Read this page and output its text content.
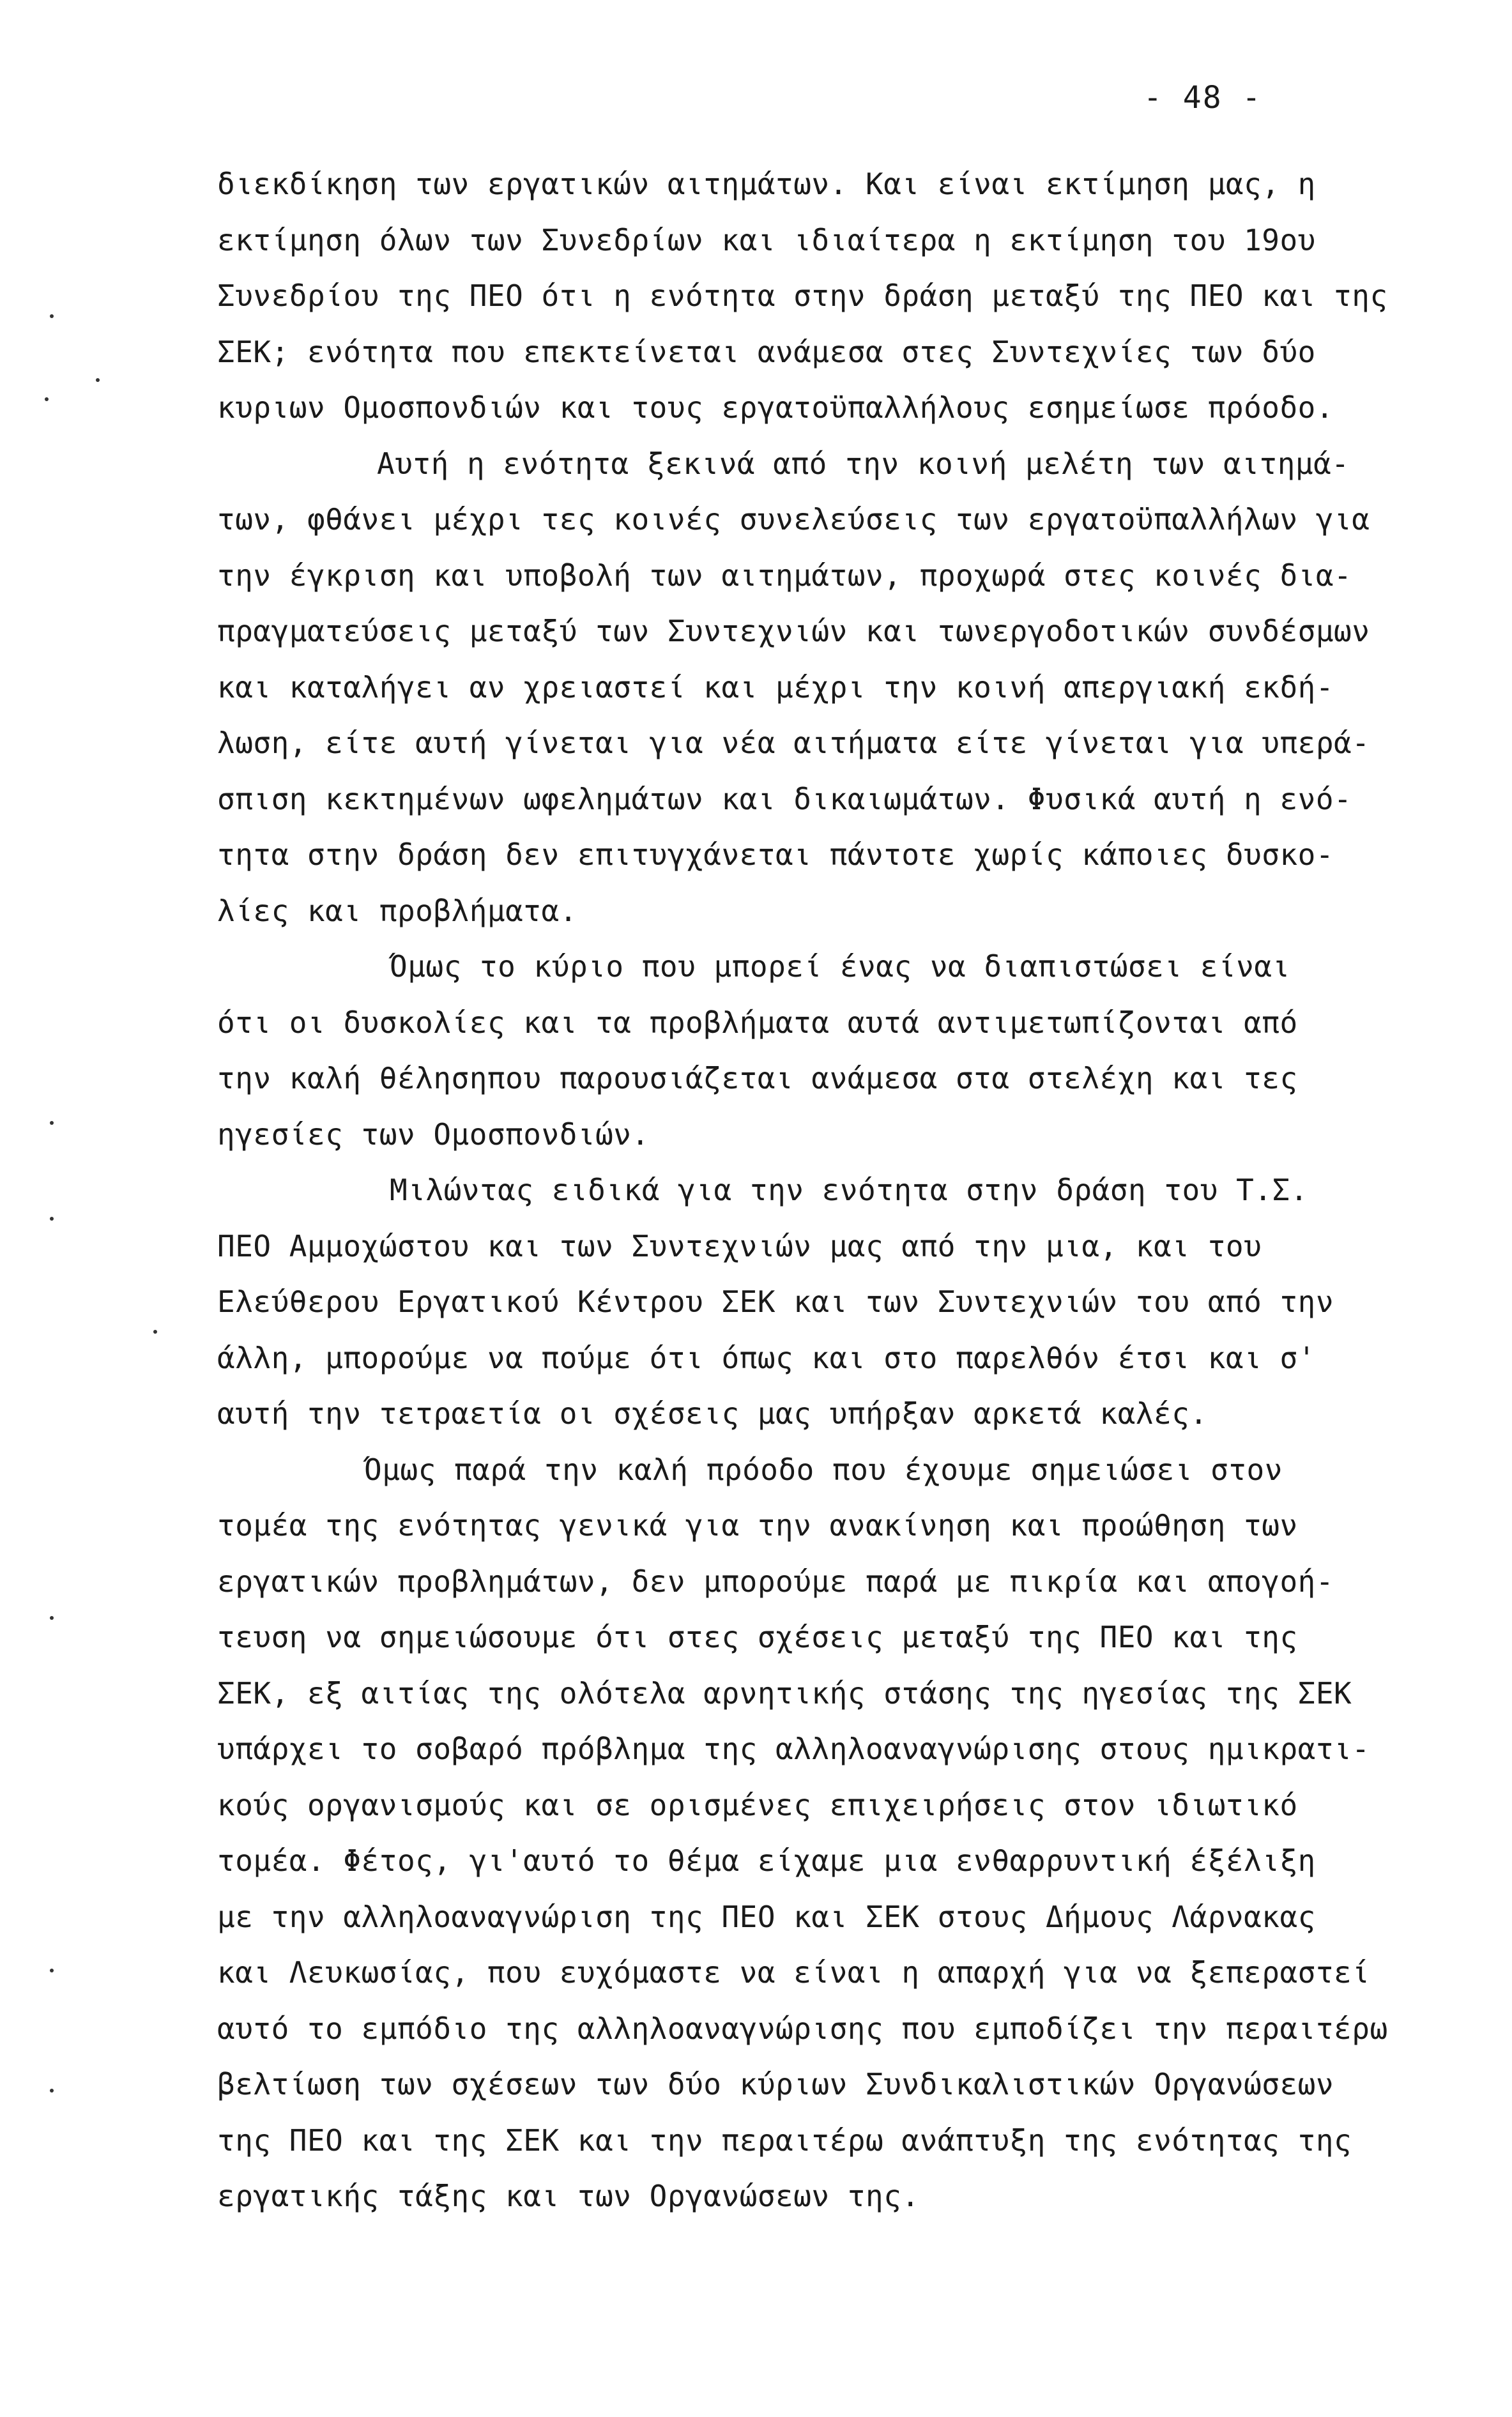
- 48 -
διεκδίκηση των εργατικών αιτημάτων. Και είναι εκτίμηση μας, η
εκτίμηση όλων των Συνεδρίων και ιδιαίτερα η εκτίμηση του 19ου
Συνεδρίου της ΠΕΟ ότι η ενότητα στην δράση μεταξύ της ΠΕΟ και της
ΣΕΚ; ενότητα που επεκτείνεται ανάμεσα στες Συντεχνίες των δύο
κυριων Ομοσπονδιών και τους εργατοϋπαλλήλους εσημείωσε πρόοδο.
Αυτή η ενότητα ξεκινά από την κοινή μελέτη των αιτημά-
των, φθάνει μέχρι τες κοινές συνελεύσεις των εργατοϋπαλλήλων για
την έγκριση και υποβολή των αιτημάτων, προχωρά στες κοινές δια-
πραγματεύσεις μεταξύ των Συντεχνιών και τωνεργοδοτικών συνδέσμων
και καταλήγει αν χρειαστεί και μέχρι την κοινή απεργιακή εκδή-
λωση, είτε αυτή γίνεται για νέα αιτήματα είτε γίνεται για υπερά-
σπιση κεκτημένων ωφελημάτων και δικαιωμάτων. Φυσικά αυτή η ενό-
τητα στην δράση δεν επιτυγχάνεται πάντοτε χωρίς κάποιες δυσκο-
λίες και προβλήματα.
Όμως το κύριο που μπορεί ένας να διαπιστώσει είναι
ότι οι δυσκολίες και τα προβλήματα αυτά αντιμετωπίζονται από
την καλή θέλησηπου παρουσιάζεται ανάμεσα στα στελέχη και τες
ηγεσίες των Ομοσπονδιών.
Μιλώντας ειδικά για την ενότητα στην δράση του Τ.Σ.
ΠΕΟ Αμμοχώστου και των Συντεχνιών μας από την μια, και του
Ελεύθερου Εργατικού Κέντρου ΣΕΚ και των Συντεχνιών του από την
άλλη, μπορούμε να πούμε ότι όπως και στο παρελθόν έτσι και σ'
αυτή την τετραετία οι σχέσεις μας υπήρξαν αρκετά καλές.
Όμως παρά την καλή πρόοδο που έχουμε σημειώσει στον
τομέα της ενότητας γενικά για την ανακίνηση και προώθηση των
εργατικών προβλημάτων, δεν μπορούμε παρά με πικρία και απογοή-
τευση να σημειώσουμε ότι στες σχέσεις μεταξύ της ΠΕΟ και της
ΣΕΚ, εξ αιτίας της ολότελα αρνητικής στάσης της ηγεσίας της ΣΕΚ
υπάρχει το σοβαρό πρόβλημα της αλληλοαναγνώρισης στους ημικρατι-
κούς οργανισμούς και σε ορισμένες επιχειρήσεις στον ιδιωτικό
τομέα. Φέτος, γι'αυτό το θέμα είχαμε μια ενθαρρυντική έξέλιξη
με την αλληλοαναγνώριση της ΠΕΟ και ΣΕΚ στους Δήμους Λάρνακας
και Λευκωσίας, που ευχόμαστε να είναι η απαρχή για να ξεπεραστεί
αυτό το εμπόδιο της αλληλοαναγνώρισης που εμποδίζει την περαιτέρω
βελτίωση των σχέσεων των δύο κύριων Συνδικαλιστικών Οργανώσεων
της ΠΕΟ και της ΣΕΚ και την περαιτέρω ανάπτυξη της ενότητας της
εργατικής τάξης και των Οργανώσεων της.
